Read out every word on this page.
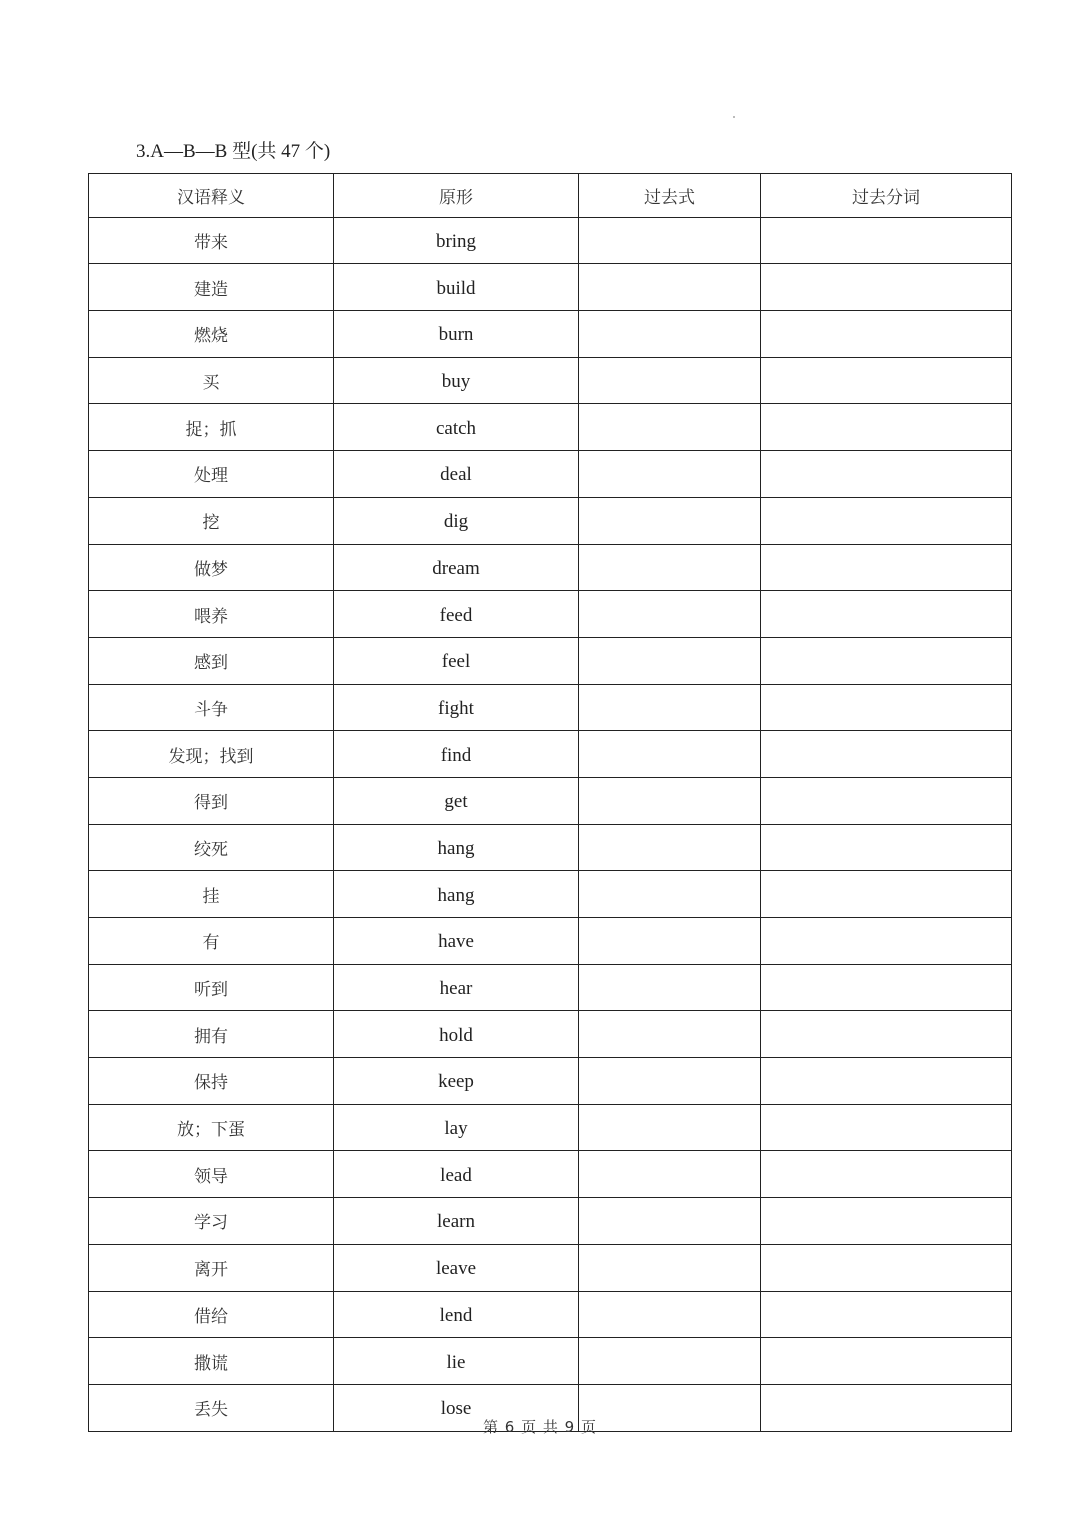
3.A—B—B 型(共 47 个)
汉语释义	原形	过去式	过去分词
带来	bring		
建造	build		
燃烧	burn		
买	buy		
捉；抓	catch		
处理	deal		
挖	dig		
做梦	dream		
喂养	feed		
感到	feel		
斗争	fight		
发现；找到	find		
得到	get		
绞死	hang		
挂	hang		
有	have		
听到	hear		
拥有	hold		
保持	keep		
放；下蛋	lay		
领导	lead		
学习	learn		
离开	leave		
借给	lend		
撒谎	lie		
丢失	lose		
第 6 页 共 9 页
